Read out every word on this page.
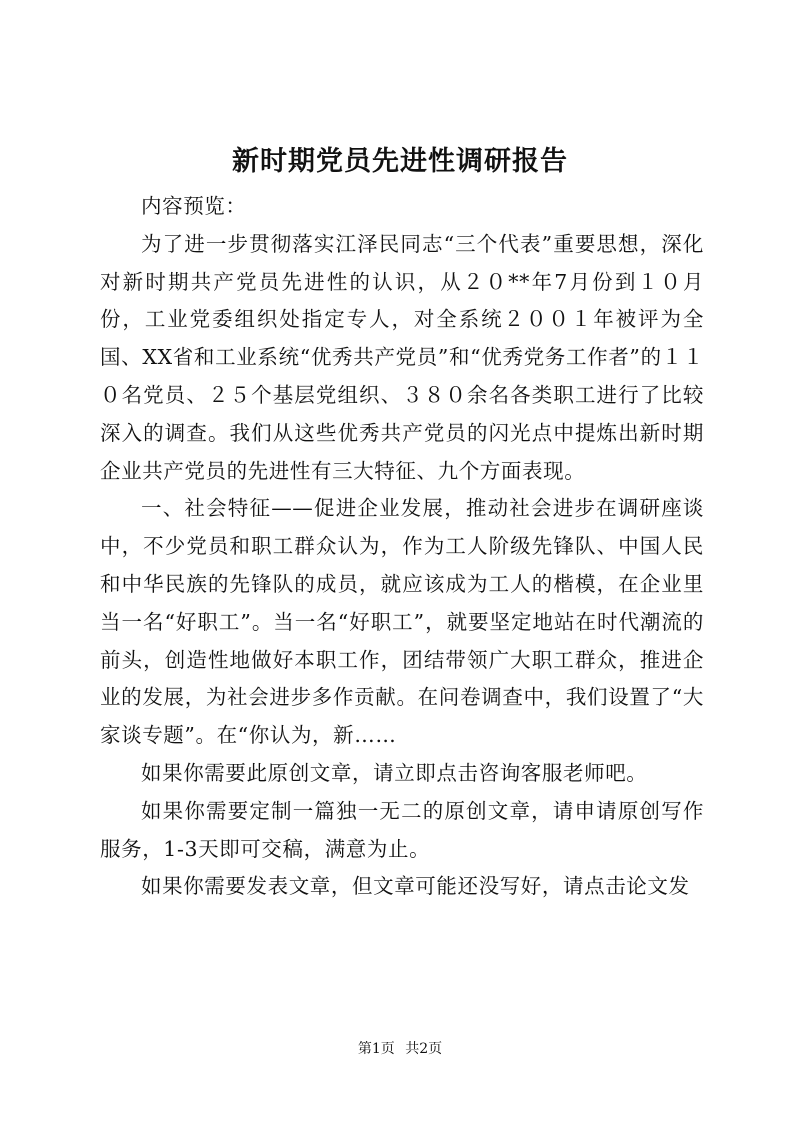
新时期党员先进性调研报告

内容预览：

为了进一步贯彻落实江泽民同志“三个代表”重要思想，深化对新时期共产党员先进性的认识，从２０**年7月份到１０月份，工业党委组织处指定专人，对全系统２００１年被评为全国、XX省和工业系统“优秀共产党员”和“优秀党务工作者”的１１０名党员、２５个基层党组织、３８０余名各类职工进行了比较深入的调查。我们从这些优秀共产党员的闪光点中提炼出新时期企业共产党员的先进性有三大特征、九个方面表现。

一、社会特征——促进企业发展，推动社会进步在调研座谈中，不少党员和职工群众认为，作为工人阶级先锋队、中国人民和中华民族的先锋队的成员，就应该成为工人的楷模，在企业里当一名“好职工”。当一名“好职工”，就要坚定地站在时代潮流的前头，创造性地做好本职工作，团结带领广大职工群众，推进企业的发展，为社会进步多作贡献。在问卷调查中，我们设置了“大家谈专题”。在“你认为，新……

如果你需要此原创文章，请立即点击咨询客服老师吧。

如果你需要定制一篇独一无二的原创文章，请申请原创写作服务，1-3天即可交稿，满意为止。

如果你需要发表文章，但文章可能还没写好，请点击论文发

第1页 共2页
